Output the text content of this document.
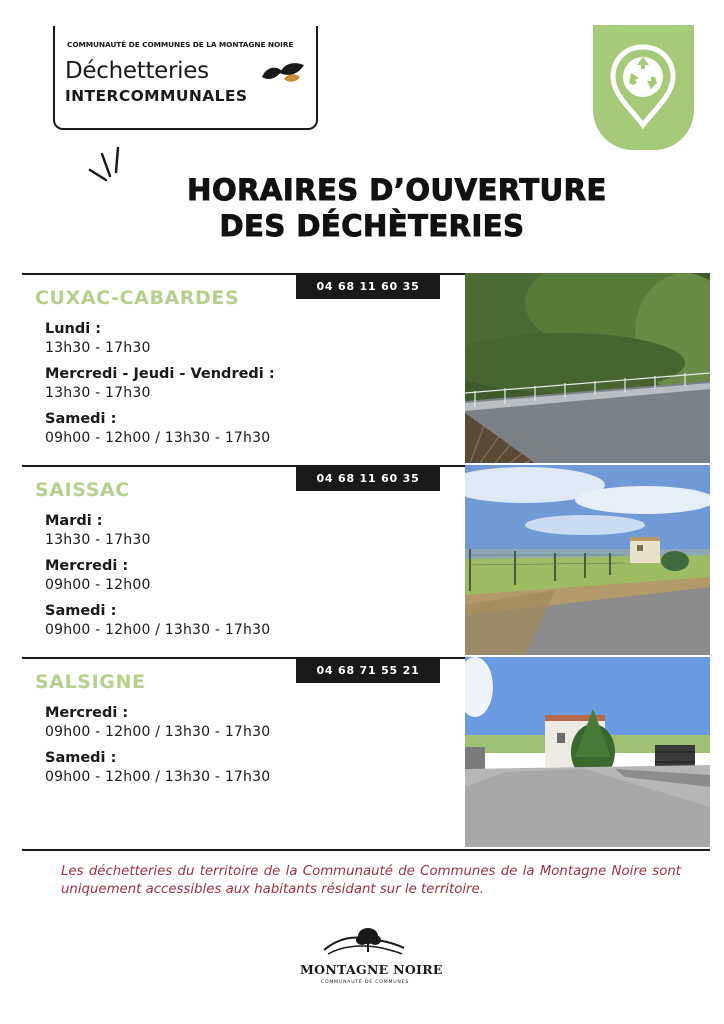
COMMUNAUTÉ DE COMMUNES DE LA MONTAGNE NOIRE
Déchetteries
INTERCOMMUNALES
HORAIRES D’OUVERTURE
DES DÉCHÈTERIES
CUXAC-CABARDES
04 68 11 60 35
Lundi :
13h30 - 17h30
Mercredi - Jeudi - Vendredi :
13h30 - 17h30
Samedi :
09h00 - 12h00 / 13h30 - 17h30
SAISSAC
04 68 11 60 35
Mardi :
13h30 - 17h30
Mercredi :
09h00 - 12h00
Samedi :
09h00 - 12h00 / 13h30 - 17h30
SALSIGNE
04 68 71 55 21
Mercredi :
09h00 - 12h00 / 13h30 - 17h30
Samedi :
09h00 - 12h00 / 13h30 - 17h30
Les déchetteries du territoire de la Communauté de Communes de la Montagne Noire sont uniquement accessibles aux habitants résidant sur le territoire.
MONTAGNE NOIRE
COMMUNAUTÉ DE COMMUNES
